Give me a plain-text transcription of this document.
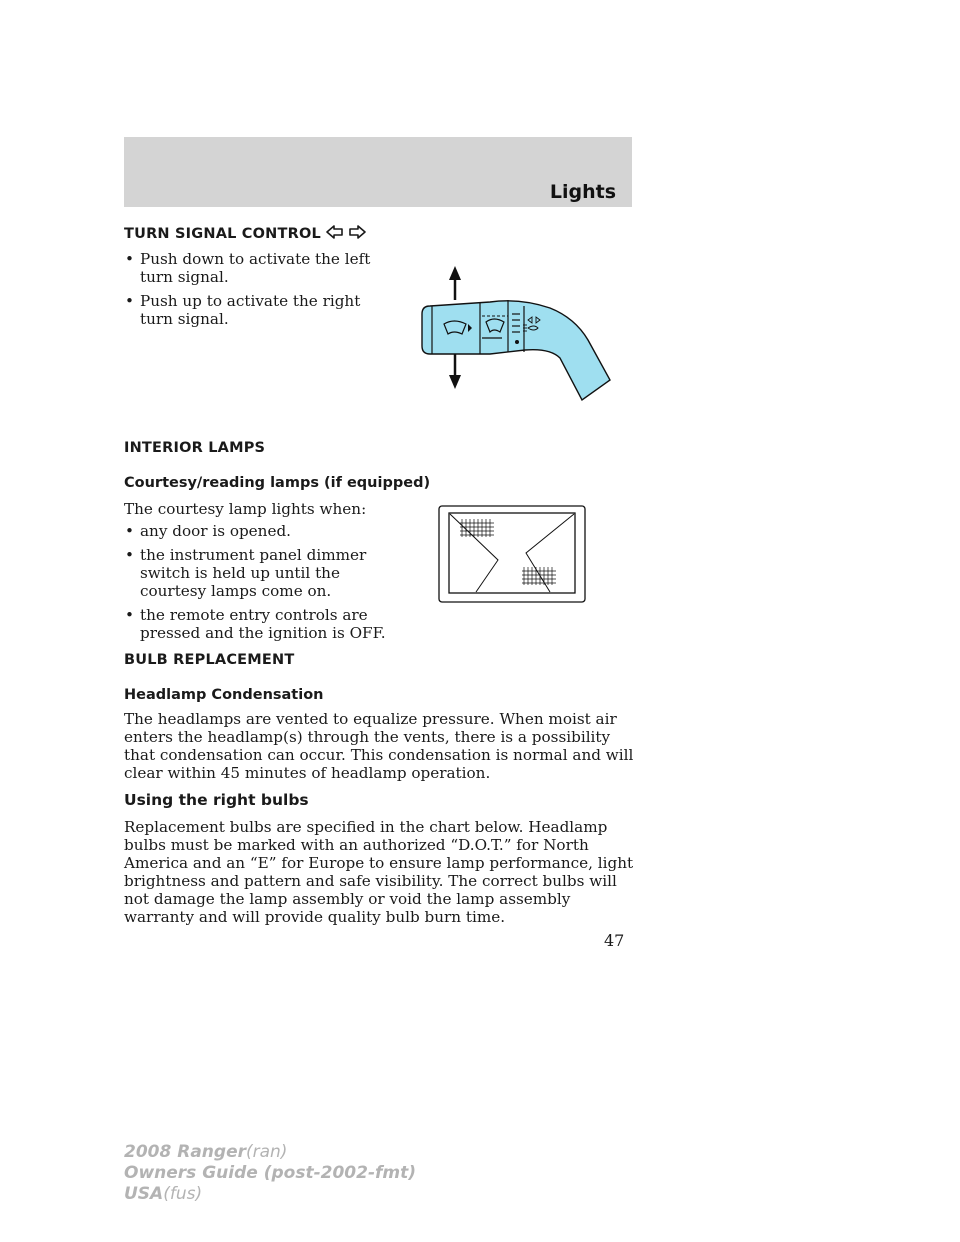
Lights
TURN SIGNAL CONTROL
• Push down to activate the left turn signal.
• Push up to activate the right turn signal.
INTERIOR LAMPS
Courtesy/reading lamps (if equipped)

The courtesy lamp lights when:

• any door is opened.
• the instrument panel dimmer switch is held up until the courtesy lamps come on.
• the remote entry controls are pressed and the ignition is OFF.
BULB REPLACEMENT
Headlamp Condensation

The headlamps are vented to equalize pressure. When moist air enters the headlamp(s) through the vents, there is a possibility that condensation can occur. This condensation is normal and will clear within 45 minutes of headlamp operation.

Using the right bulbs

Replacement bulbs are specified in the chart below. Headlamp bulbs must be marked with an authorized “D.O.T.” for North America and an “E” for Europe to ensure lamp performance, light brightness and pattern and safe visibility. The correct bulbs will not damage the lamp assembly or void the lamp assembly warranty and will provide quality bulb burn time.

47
2008 Ranger(ran)
Owners Guide (post-2002-fmt)
USA(fus)
